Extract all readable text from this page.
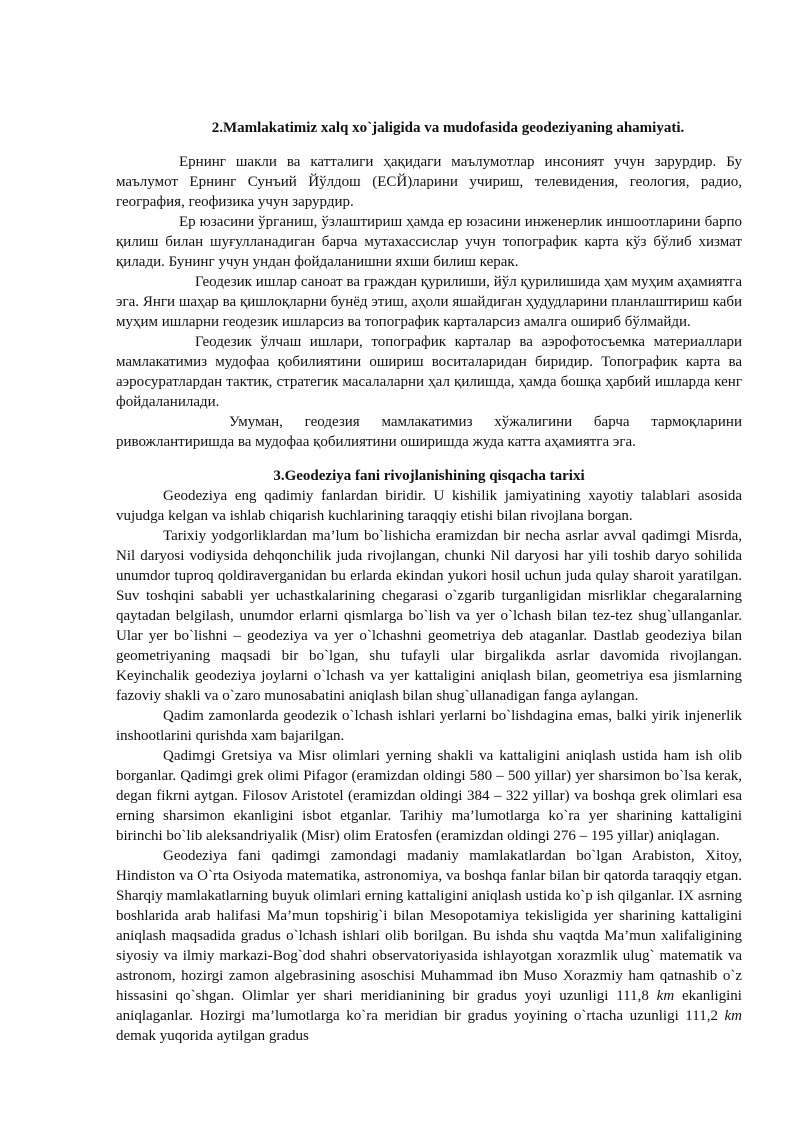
2.Mamlakatimiz xalq xo`jaligida va mudofasida geodeziyaning ahamiyati.

Ернинг шакли ва катталиги ҳақидаги маълумотлар инсоният учун зарурдир. Бу маълумот Ернинг Сунъий Йўлдош (ЕСЙ)ларини учириш, телевидения, геология, радио, география, геофизика учун зарурдир.

Ер юзасини ўрганиш, ўзлаштириш ҳамда ер юзасини инженерлик иншоотларини барпо қилиш билан шуғулланадиган барча мутахассислар учун топографик карта кўз бўлиб хизмат қилади. Бунинг учун ундан фойдаланишни яхши билиш керак.

Геодезик ишлар саноат ва граждан қурилиши, йўл қурилишида ҳам муҳим аҳамиятга эга. Янги шаҳар ва қишлоқларни бунёд этиш, аҳоли яшайдиган ҳудудларини планлаштириш каби муҳим ишларни геодезик ишларсиз ва топографик карталарсиз амалга ошириб бўлмайди.

Геодезик ўлчаш ишлари, топографик карталар ва аэрофотосъемка материаллари мамлакатимиз мудофаа қобилиятини ошириш воситаларидан биридир. Топографик карта ва аэросуратлардан тактик, стратегик масалаларни ҳал қилишда, ҳамда бошқа ҳарбий ишларда кенг фойдаланилади.

Умуман, геодезия мамлакатимиз хўжалигини барча тармоқларини ривожлантиришда ва мудофаа қобилиятини оширишда жуда катта аҳамиятга эга.

3.Geodeziya fani rivojlanishining qisqacha tarixi

Geodeziya eng qadimiy fanlardan biridir. U kishilik jamiyatining xayotiy talablari asosida vujudga kelgan va ishlab chiqarish kuchlarining taraqqiy etishi bilan rivojlana borgan.

Tarixiy yodgorliklardan ma’lum bo`lishicha eramizdan bir necha asrlar avval qadimgi Misrda, Nil daryosi vodiysida dehqonchilik juda rivojlangan, chunki Nil daryosi har yili toshib daryo sohilida unumdor tuproq qoldiraverganidan bu erlarda ekindan yukori hosil uchun juda qulay sharoit yaratilgan. Suv toshqini sababli yer uchastkalarining chegarasi o`zgarib turganligidan misrliklar chegaralarning qaytadan belgilash, unumdor erlarni qismlarga bo`lish va yer o`lchash bilan tez-tez shug`ullanganlar. Ular yer bo`lishni – geodeziya va yer o`lchashni geometriya deb ataganlar. Dastlab geodeziya bilan geometriyaning maqsadi bir bo`lgan, shu tufayli ular birgalikda asrlar davomida rivojlangan. Keyinchalik geodeziya joylarni o`lchash va yer kattaligini aniqlash bilan, geometriya esa jismlarning fazoviy shakli va o`zaro munosabatini aniqlash bilan shug`ullanadigan fanga aylangan.

Qadim zamonlarda geodezik o`lchash ishlari yerlarni bo`lishdagina emas, balki yirik injenerlik inshootlarini qurishda xam bajarilgan.

Qadimgi Gretsiya va Misr olimlari yerning shakli va kattaligini aniqlash ustida ham ish olib borganlar. Qadimgi grek olimi Pifagor (eramizdan oldingi 580 – 500 yillar) yer sharsimon bo`lsa kerak, degan fikrni aytgan. Filosov Aristotel (eramizdan oldingi 384 – 322 yillar) va boshqa grek olimlari esa erning sharsimon ekanligini isbot etganlar. Tarihiy ma’lumotlarga ko`ra yer sharining kattaligini birinchi bo`lib aleksandriyalik (Misr) olim Eratosfen (eramizdan oldingi 276 – 195 yillar) aniqlagan.

Geodeziya fani qadimgi zamondagi madaniy mamlakatlardan bo`lgan Arabiston, Xitoy, Hindiston va O`rta Osiyoda matematika, astronomiya, va boshqa fanlar bilan bir qatorda taraqqiy etgan. Sharqiy mamlakatlarning buyuk olimlari erning kattaligini aniqlash ustida ko`p ish qilganlar. IX asrning boshlarida arab halifasi Ma’mun topshirig`i bilan Mesopotamiya tekisligida yer sharining kattaligini aniqlash maqsadida gradus o`lchash ishlari olib borilgan. Bu ishda shu vaqtda Ma’mun xalifaligining siyosiy va ilmiy markazi-Bog`dod shahri observatoriyasida ishlayotgan xorazmlik ulug` matematik va astronom, hozirgi zamon algebrasining asoschisi Muhammad ibn Muso Xorazmiy ham qatnashib o`z hissasini qo`shgan. Olimlar yer shari meridianining bir gradus yoyi uzunligi 111,8 km ekanligini aniqlaganlar. Hozirgi ma’lumotlarga ko`ra meridian bir gradus yoyining o`rtacha uzunligi 111,2 km demak yuqorida aytilgan gradus
